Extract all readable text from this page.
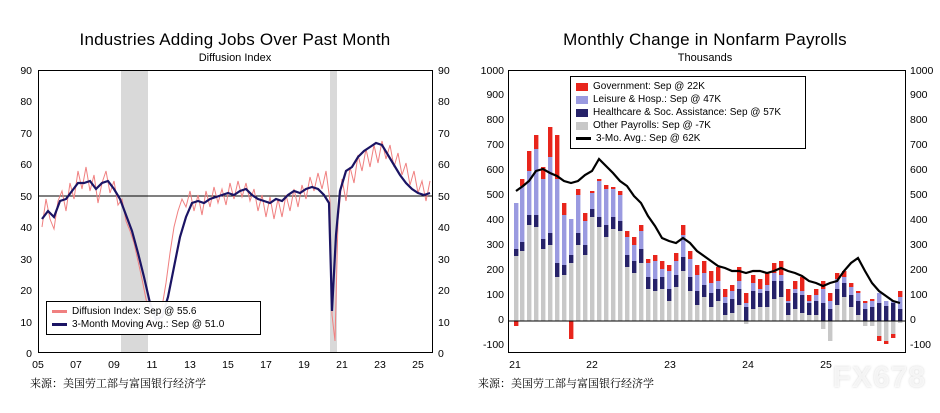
Industries Adding Jobs Over Past Month
Diffusion Index
90
80
70
60
50
40
30
20
10
0
90
80
70
60
50
40
30
20
10
0
05	07	09	11	13	15	17	19	21	23	25
Diffusion Index: Sep @ 55.6
3-Month Moving Avg.: Sep @ 51.0
来源：美国劳工部与富国银行经济学
Monthly Change in Nonfarm Payrolls
Thousands
1000
900
800
700
600
500
400
300
200
100
0
-100
1000
900
800
700
600
500
400
300
200
100
0
-100
21	22	23	24	25
Government: Sep @ 22K
Leisure & Hosp.: Sep @ 47K
Healthcare & Soc. Assistance: Sep @ 57K
Other Payrolls: Sep @ -7K
3-Mo. Avg.: Sep @ 62K
来源：美国劳工部与富国银行经济学	FX678
